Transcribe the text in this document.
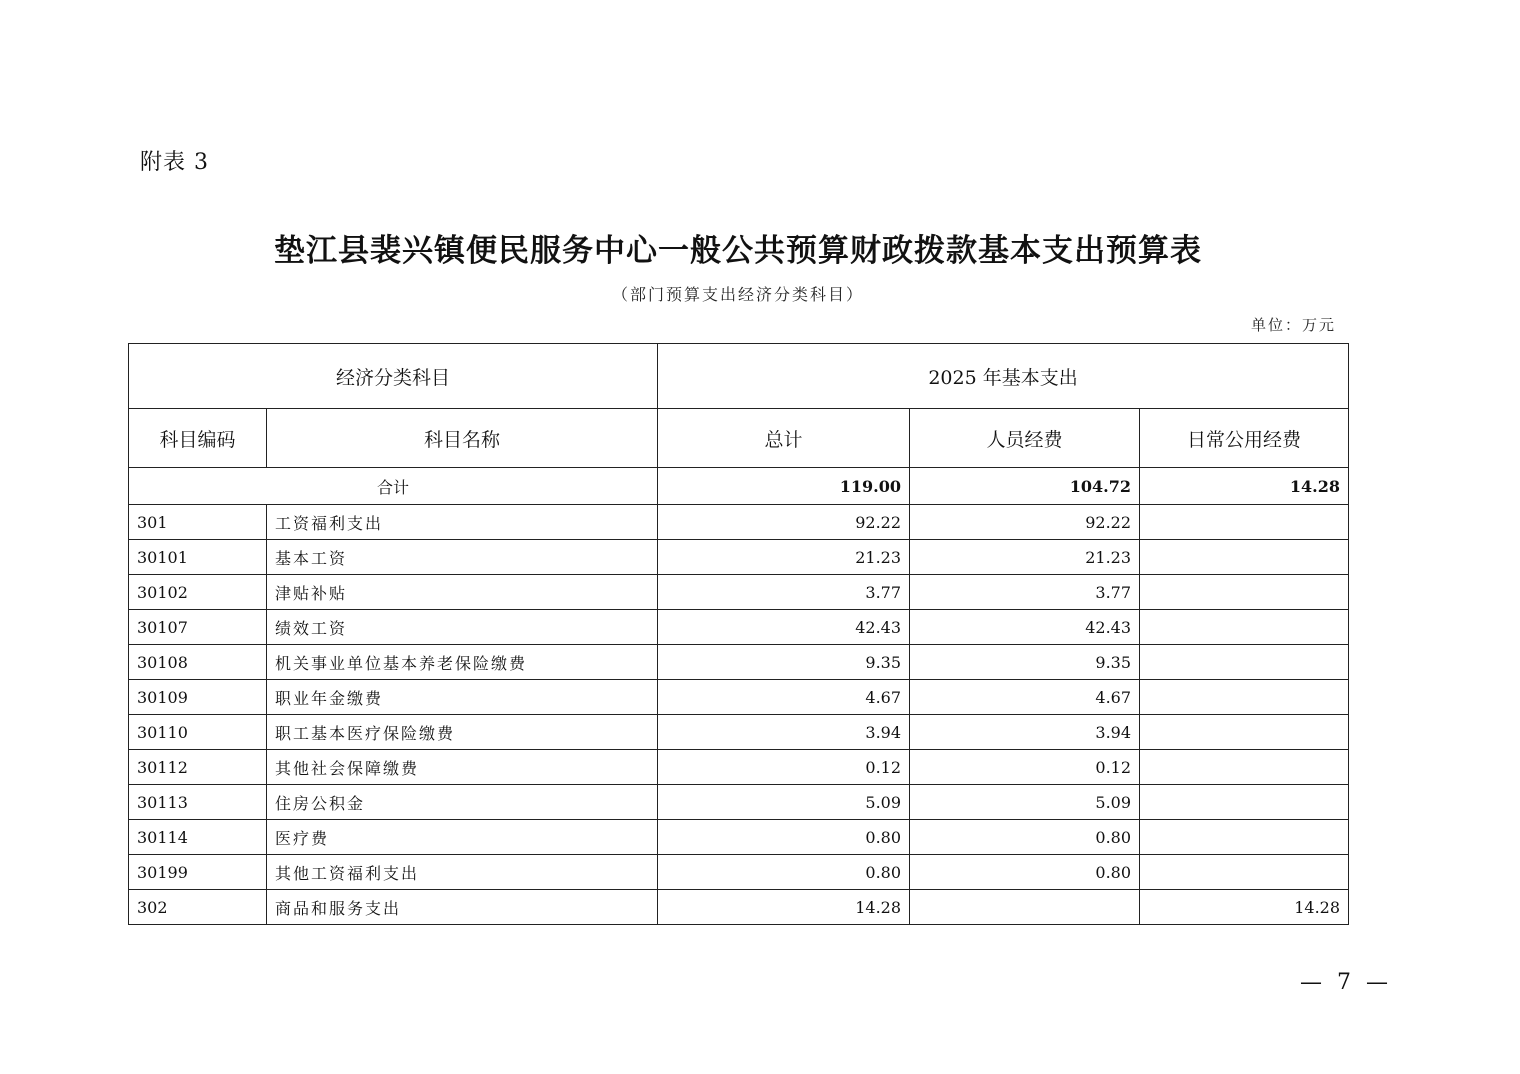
附表 3
垫江县裴兴镇便民服务中心一般公共预算财政拨款基本支出预算表
（部门预算支出经济分类科目）
单位：万元
经济分类科目		2025 年基本支出		
科目编码	科目名称	总计	人员经费	日常公用经费
合计		119.00	104.72	14.28
301	工资福利支出	92.22	92.22	
30101	基本工资	21.23	21.23	
30102	津贴补贴	3.77	3.77	
30107	绩效工资	42.43	42.43	
30108	机关事业单位基本养老保险缴费	9.35	9.35	
30109	职业年金缴费	4.67	4.67	
30110	职工基本医疗保险缴费	3.94	3.94	
30112	其他社会保障缴费	0.12	0.12	
30113	住房公积金	5.09	5.09	
30114	医疗费	0.80	0.80	
30199	其他工资福利支出	0.80	0.80	
302	商品和服务支出	14.28		14.28
— 7 —
